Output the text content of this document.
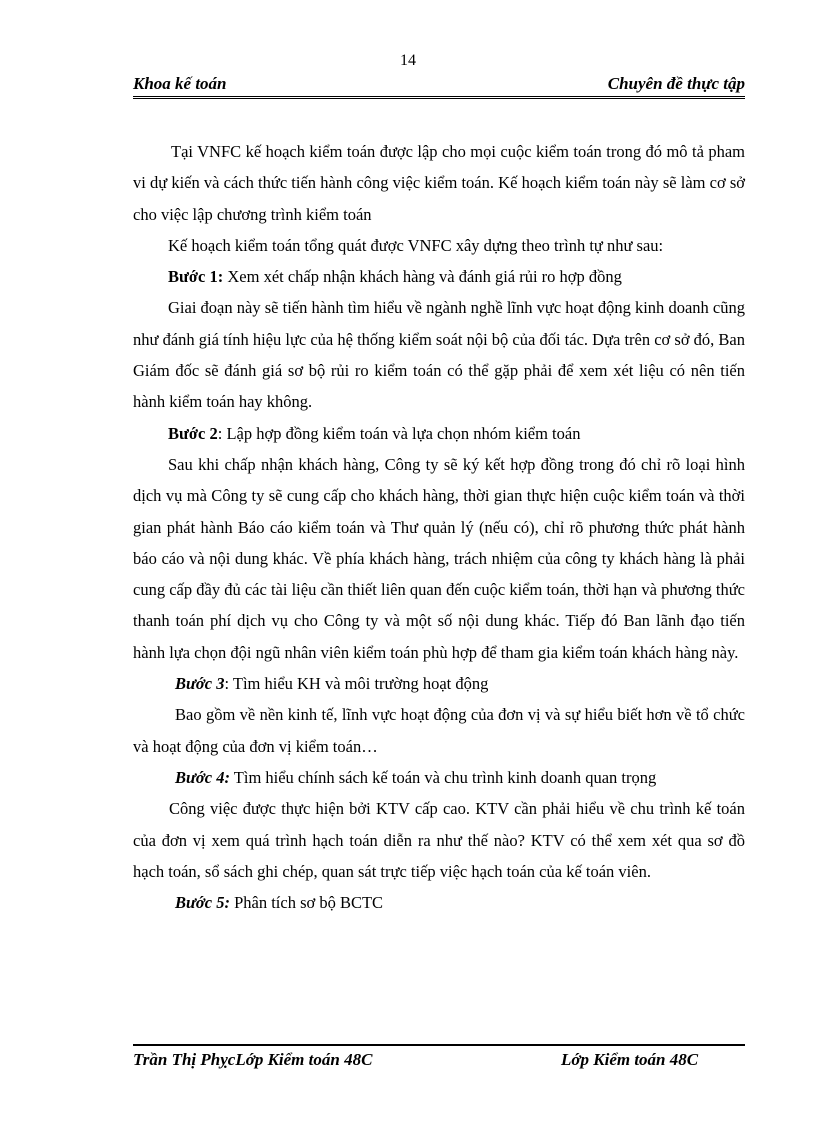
14
Khoa kế toán	Chuyên đề thực tập

Tại VNFC kế hoạch kiểm toán được lập cho mọi cuộc kiểm toán trong đó mô tả pham vi dự kiến và cách thức tiến hành công việc kiểm toán. Kế hoạch kiểm toán này sẽ làm cơ sở cho việc lập chương trình kiểm toán

Kế hoạch kiểm toán tổng quát được VNFC xây dựng theo trình tự như sau:

Bước 1: Xem xét chấp nhận khách hàng và đánh giá rủi ro hợp đồng

Giai đoạn này sẽ tiến hành tìm hiểu về ngành nghề lĩnh vực hoạt động kinh doanh cũng như đánh giá tính hiệu lực của hệ thống kiểm soát nội bộ của đối tác. Dựa trên cơ sở đó, Ban Giám đốc sẽ đánh giá sơ bộ rủi ro kiểm toán có thể gặp phải để xem xét liệu có nên tiến hành kiểm toán hay không.

Bước 2: Lập hợp đồng kiểm toán và lựa chọn nhóm kiểm toán

Sau khi chấp nhận khách hàng, Công ty sẽ ký kết hợp đồng trong đó chỉ rõ loại hình dịch vụ mà Công ty sẽ cung cấp cho khách hàng, thời gian thực hiện cuộc kiểm toán và thời gian phát hành Báo cáo kiểm toán và Thư quản lý (nếu có), chỉ rõ phương thức phát hành báo cáo và nội dung khác. Về phía khách hàng, trách nhiệm của công ty khách hàng là phải cung cấp đầy đủ các tài liệu cần thiết liên quan đến cuộc kiểm toán, thời hạn và phương thức thanh toán phí dịch vụ cho Công ty và một số nội dung khác. Tiếp đó Ban lãnh đạo tiến hành lựa chọn đội ngũ nhân viên kiểm toán phù hợp để tham gia kiểm toán khách hàng này.

Bước 3: Tìm hiểu KH và môi trường hoạt động

Bao gồm về nền kinh tế, lĩnh vực hoạt động của đơn vị và sự hiểu biết hơn về tổ chức và hoạt động của đơn vị kiểm toán…

Bước 4: Tìm hiểu chính sách kế toán và chu trình kinh doanh quan trọng

Công việc được thực hiện bởi KTV cấp cao. KTV cần phải hiểu về chu trình kế toán của đơn vị xem quá trình hạch toán diễn ra như thế nào? KTV có thể xem xét qua sơ đồ hạch toán, sổ sách ghi chép, quan sát trực tiếp việc hạch toán của kế toán viên.

Bước 5: Phân tích sơ bộ BCTC

Trần Thị PhỵcLớp Kiểm toán 48C	Lớp Kiểm toán 48C
